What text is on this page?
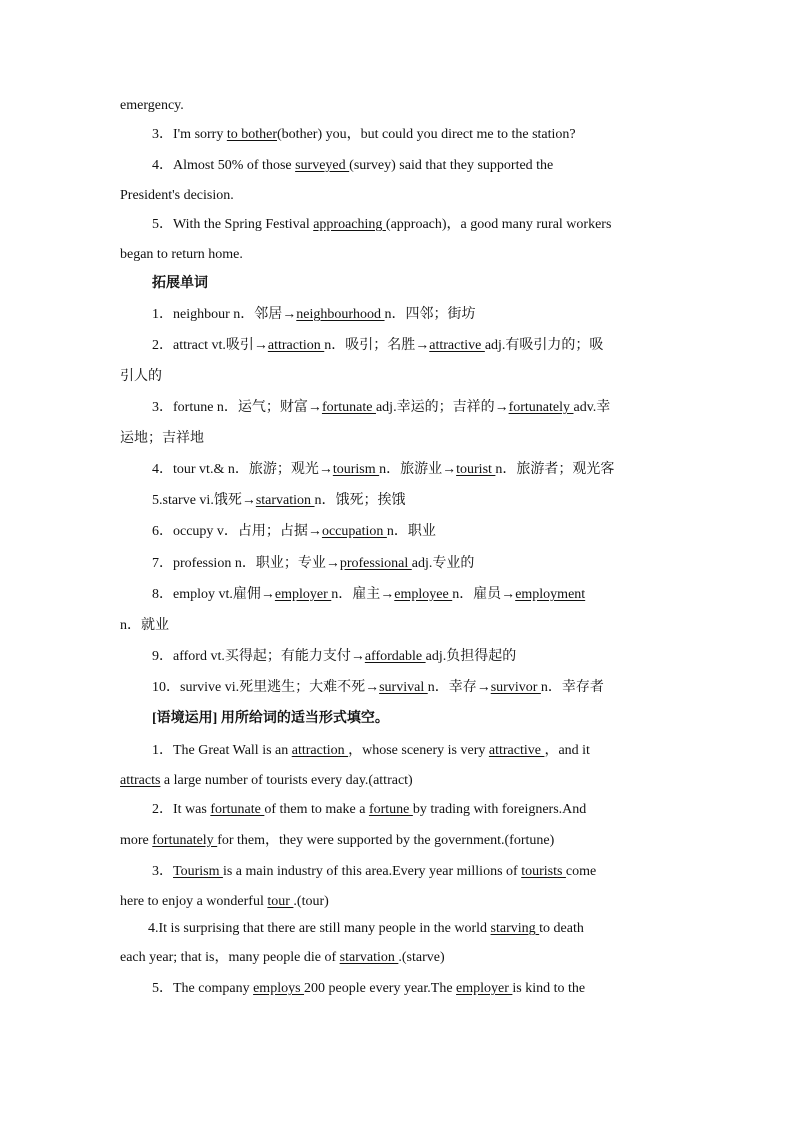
emergency.
3．I'm sorry to bother(bother) you，but could you direct me to the station?
4．Almost 50% of those surveyed (survey) said that they supported the
President's decision.
5．With the Spring Festival approaching (approach)，a good many rural workers
began to return home.
拓展单词
1．neighbour n．邻居→neighbourhood n．四邻；街坊
2．attract vt.吸引→attraction n．吸引；名胜→attractive adj.有吸引力的；吸
引人的
3．fortune n．运气；财富→fortunate adj.幸运的；吉祥的→fortunately adv.幸
运地；吉祥地
4．tour vt.& n．旅游；观光→tourism n．旅游业→tourist n．旅游者；观光客
5.starve vi.饿死→starvation n．饿死；挨饿
6．occupy v．占用；占据→occupation n．职业
7．profession n．职业；专业→professional adj.专业的
8．employ vt.雇佣→employer n．雇主→employee n．雇员→employment
n．就业
9．afford vt.买得起；有能力支付→affordable adj.负担得起的
10．survive vi.死里逃生；大难不死→survival n．幸存→survivor n．幸存者
[语境运用] 用所给词的适当形式填空。
1．The Great Wall is an attraction ，whose scenery is very attractive ，and it
attracts a large number of tourists every day.(attract)
2．It was fortunate of them to make a fortune by trading with foreigners.And
more fortunately for them，they were supported by the government.(fortune)
3．Tourism is a main industry of this area.Every year millions of tourists come
here to enjoy a wonderful tour .(tour)
4.It is surprising that there are still many people in the world starving to death
each year; that is，many people die of starvation .(starve)
5．The company employs 200 people every year.The employer is kind to the
